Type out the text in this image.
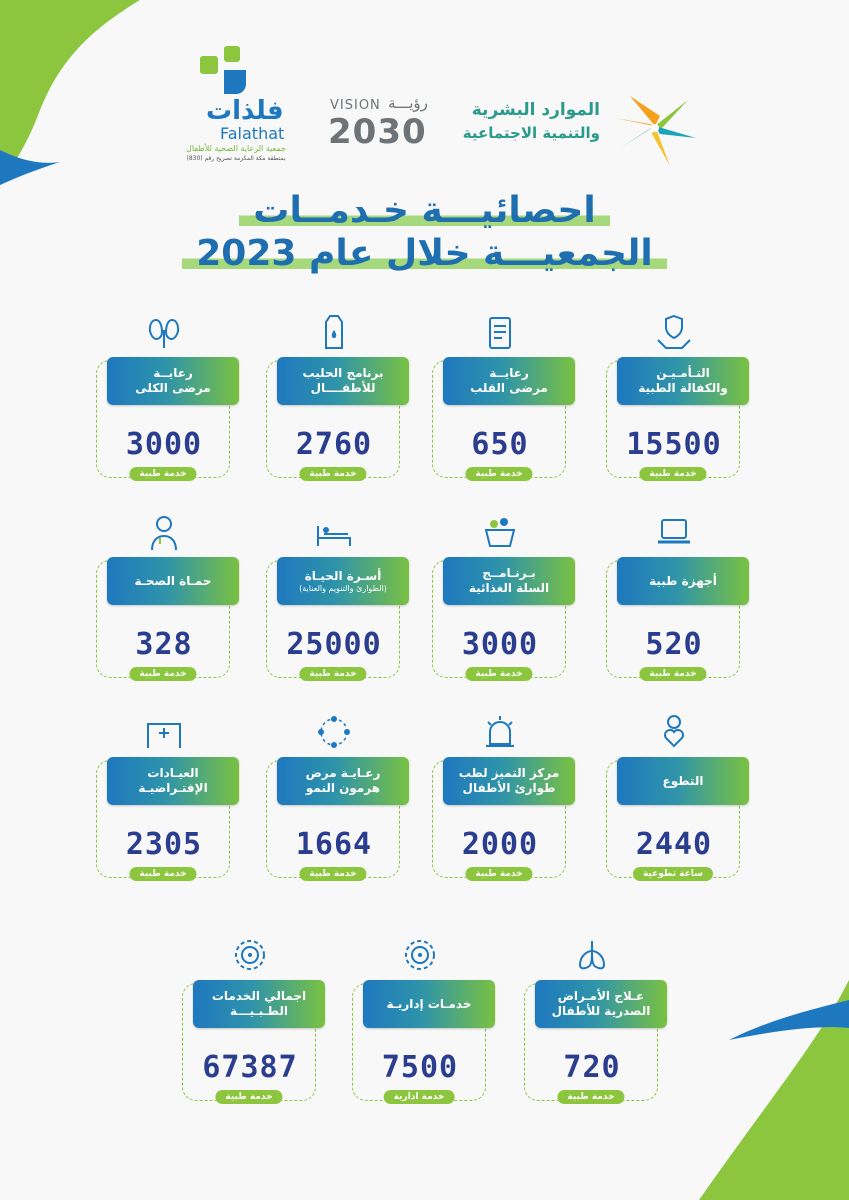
فلذات
Falathat
جمعية الرعاية الصحية للأطفال
بمنطقة مكة المكرمة تصريح رقم (830)
VISION رؤيـــة
2030
الموارد البشرية
والتنمية الاجتماعية
احصائيـــة خـدمــات
الجمعيـــة خلال عام 2023
رعايــة
مرضى الكلى
3000
خدمة طبية
برنامج الحليب
للأطفــــال
2760
خدمة طبية
رعايــة
مرضى القلب
650
خدمة طبية
التـأمـيـن
والكفالة الطبية
15500
خدمة طبية
حمـاة الصحـة
328
خدمة طبية
أسـرة الحيـاة
(الطوارئ والتنويم والعناية)
25000
خدمة طبية
بـرنـامــج
السلة الغذائية
3000
خدمة طبية
أجهزة طبية
520
خدمة طبية
العيـادات
الإفتـراضيـة
2305
خدمة طبية
رعـايـة مرض
هرمون النمو
1664
خدمة طبية
مركز التميز لطب
طوارئ الأطفال
2000
خدمة طبية
التطوع
2440
ساعة تطوعية
اجمالي الخدمات
الطـبـيـــة
67387
خدمة طبية
خدمـات إداريـة
7500
خدمة ادارية
عـلاج الأمـراض
الصدرية للأطفال
720
خدمة طبية
